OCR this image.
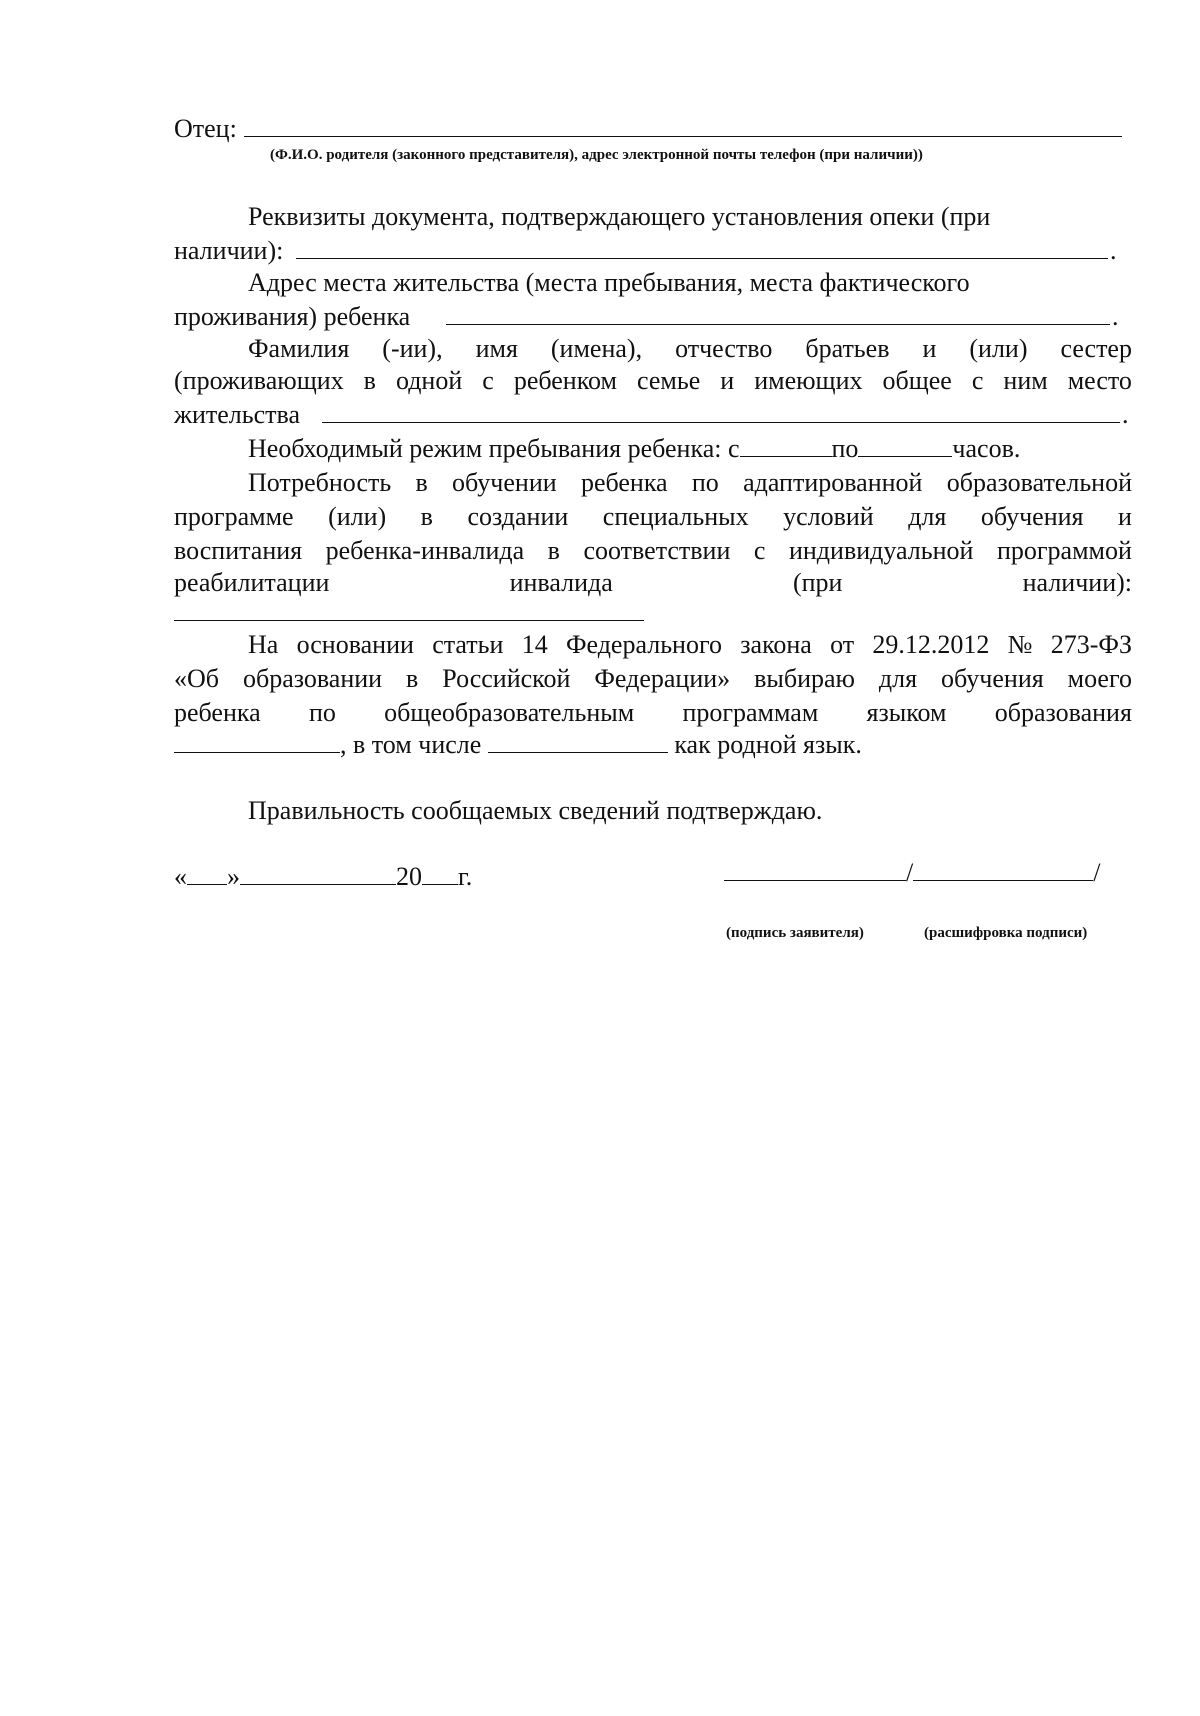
Отец:
(Ф.И.О. родителя (законного представителя), адрес электронной почты телефон (при наличии))
Реквизиты документа, подтверждающего установления опеки (при
наличии):	.
Адрес места жительства (места пребывания, места фактического
проживания) ребенка	.
Фамилия (-ии), имя (имена), отчество братьев и (или) сестер
(проживающих в одной с ребенком семье и имеющих общее с ним место
жительства	.
Необходимый режим пребывания ребенка: с	по	часов.
Потребность в обучении ребенка по адаптированной образовательной
программе (или) в создании специальных условий для обучения и
воспитания ребенка-инвалида в соответствии с индивидуальной программой
реабилитации	инвалида	(при	наличии):
На основании статьи 14 Федерального закона от 29.12.2012 № 273-ФЗ
«Об образовании в Российской Федерации» выбираю для обучения моего
ребенка по общеобразовательным программам языком образования
, в том числе	как родной язык.
Правильность сообщаемых сведений подтверждаю.
« »	20 г.	/	/
(подпись заявителя)	(расшифровка подписи)
